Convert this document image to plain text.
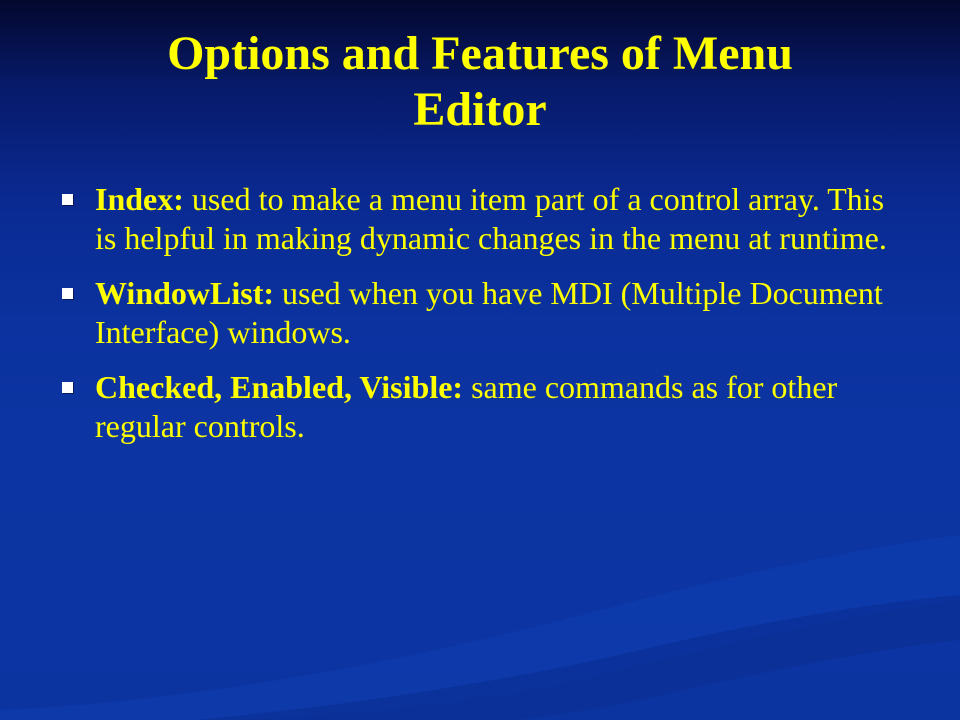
Options and Features of Menu
Editor
Index: used to make a menu item part of a control array. This is helpful in making dynamic changes in the menu at runtime.
WindowList: used when you have MDI (Multiple Document Interface) windows.
Checked, Enabled, Visible: same commands as for other regular controls.
